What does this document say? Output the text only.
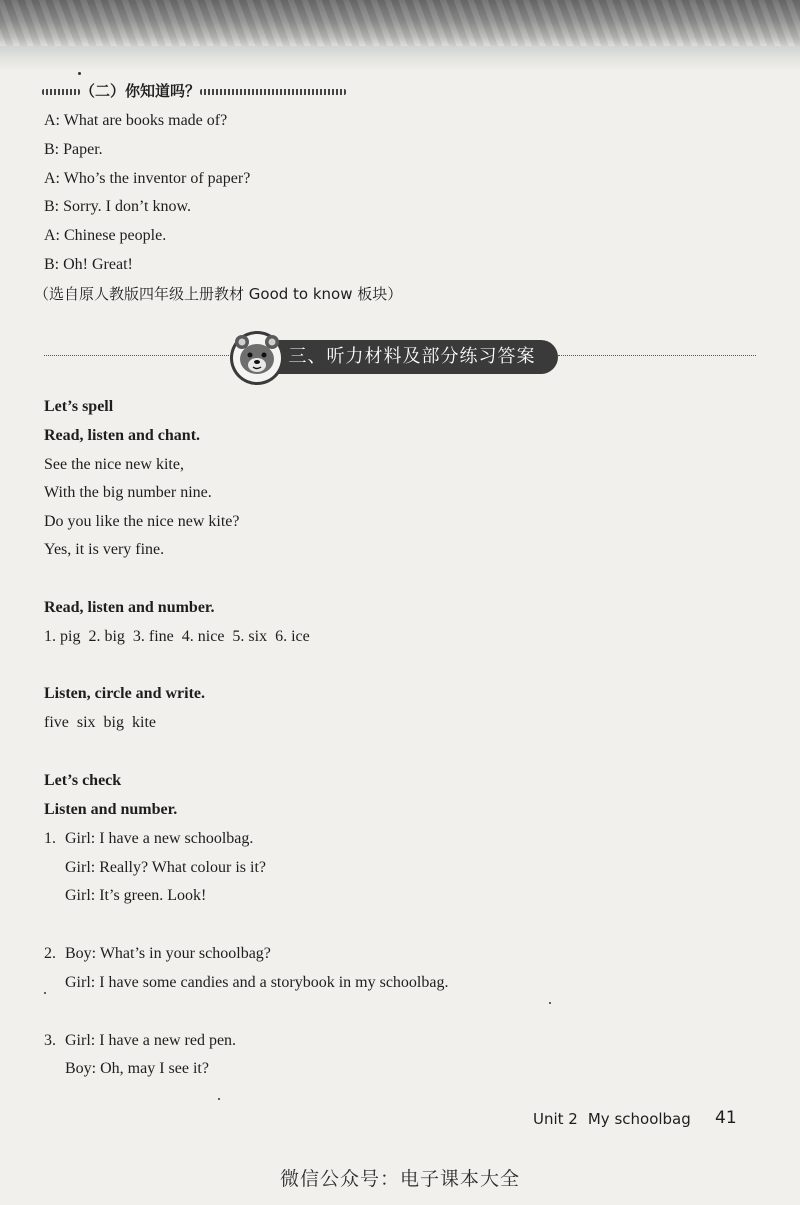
（二）你知道吗？
A: What are books made of?
B: Paper.
A: Who’s the inventor of paper?
B: Sorry. I don’t know.
A: Chinese people.
B: Oh! Great!
（选自原人教版四年级上册教材 Good to know 板块）
三、听力材料及部分练习答案
Let’s spell
Read, listen and chant.
See the nice new kite,
With the big number nine.
Do you like the nice new kite?
Yes, it is very fine.
Read, listen and number.
1. pig  2. big  3. fine  4. nice  5. six  6. ice
Listen, circle and write.
five  six  big  kite
Let’s check
Listen and number.
1. Girl: I have a new schoolbag.
Girl: Really? What colour is it?
Girl: It’s green. Look!
2. Boy: What’s in your schoolbag?
Girl: I have some candies and a storybook in my schoolbag.
3. Girl: I have a new red pen.
Boy: Oh, may I see it?
Unit 2 My schoolbag 41
微信公众号：电子课本大全
